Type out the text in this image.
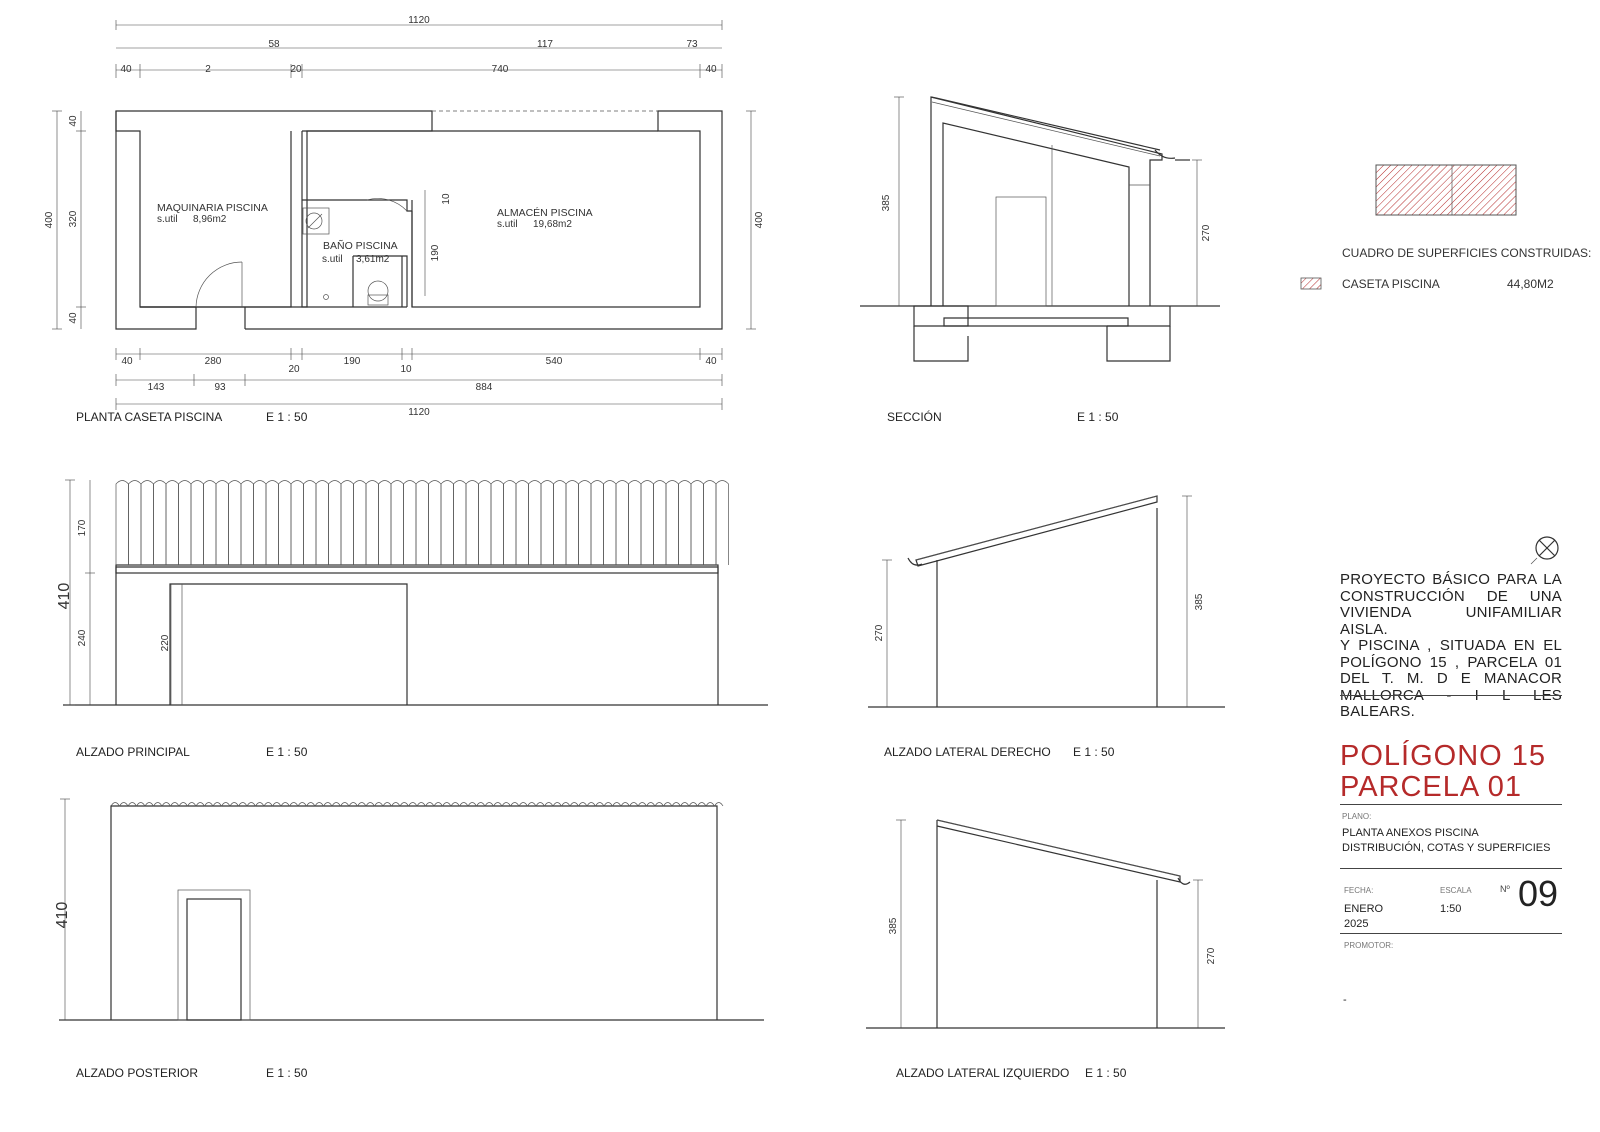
1120
58	117	73
40	2	20	740	40
MAQUINARIA PISCINA
s.util 8,96m2
BAÑO PISCINA
s.util 3,61m2
ALMACÉN PISCINA
s.util 19,68m2
10
190
400
40
320
40
400
40	280
20
190
10
540	40
143	93	884
1120
PLANTA CASETA PISCINA	E 1 : 50
385
270
SECCIÓN	E 1 : 50
CUADRO DE SUPERFICIES CONSTRUIDAS:
CASETA PISCINA	44,80M2
410
170
240	220
ALZADO PRINCIPAL	E 1 : 50
270
385
ALZADO LATERAL DERECHO E 1 : 50
410
ALZADO POSTERIOR	E 1 : 50
385
270
ALZADO LATERAL IZQUIERDO E 1 : 50
PROYECTO BÁSICO PARA LA
CONSTRUCCIÓN DE UNA
VIVIENDA UNIFAMILIAR AISLA.
Y PISCINA , SITUADA EN EL
POLÍGONO 15 , PARCELA 01
DEL T. M. D E MANACOR
MALLORCA - I L LES BALEARS.
POLÍGONO 15
PARCELA 01
PLANO:
PLANTA ANEXOS PISCINA
DISTRIBUCIÓN, COTAS Y SUPERFICIES
FECHA:
ENERO
2025
ESCALA
1:50
Nº 09
PROMOTOR:
-
